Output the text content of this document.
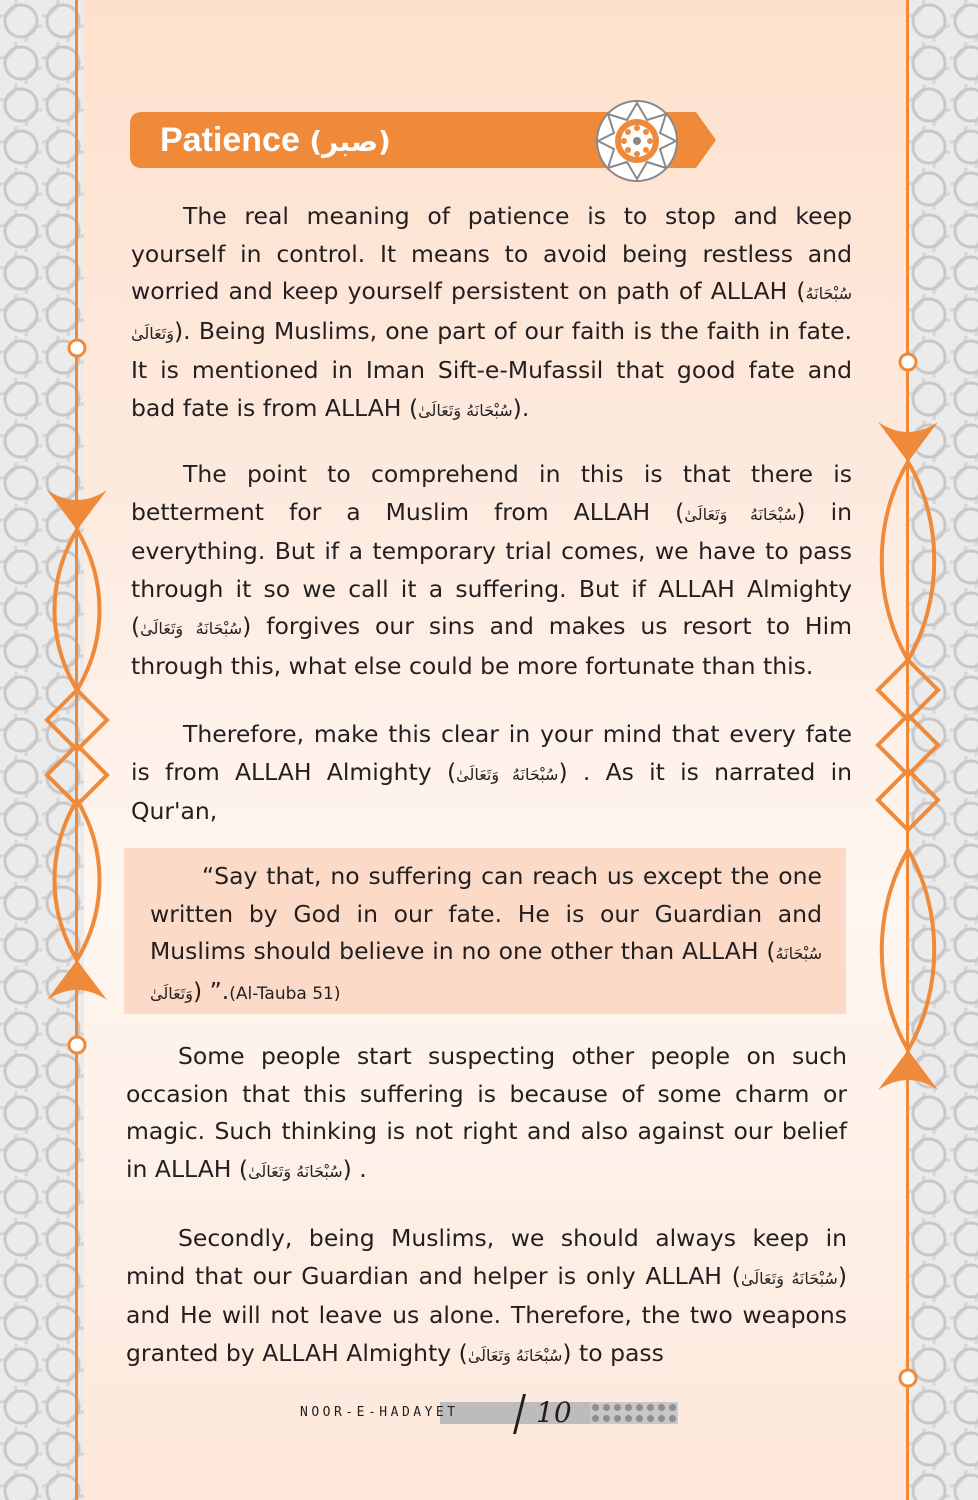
Patience (صبر)

The real meaning of patience is to stop and keep yourself in control. It means to avoid being restless and worried and keep yourself persistent on path of ALLAH (سُبْحَانَهُ وَتَعَالَىٰ). Being Muslims, one part of our faith is the faith in fate. It is mentioned in Iman Sift-e-Mufassil that good fate and bad fate is from ALLAH (سُبْحَانَهُ وَتَعَالَىٰ).

The point to comprehend in this is that there is betterment for a Muslim from ALLAH (سُبْحَانَهُ وَتَعَالَىٰ) in everything. But if a temporary trial comes, we have to pass through it so we call it a suffering. But if ALLAH Almighty (سُبْحَانَهُ وَتَعَالَىٰ) forgives our sins and makes us resort to Him through this, what else could be more fortunate than this.

Therefore, make this clear in your mind that every fate is from ALLAH Almighty (سُبْحَانَهُ وَتَعَالَىٰ) . As it is narrated in Qur'an,

“Say that, no suffering can reach us except the one written by God in our fate. He is our Guardian and Muslims should believe in no one other than ALLAH (سُبْحَانَهُ وَتَعَالَىٰ) ”.(Al-Tauba 51)

Some people start suspecting other people on such occasion that this suffering is because of some charm or magic. Such thinking is not right and also against our belief in ALLAH (سُبْحَانَهُ وَتَعَالَىٰ) .

Secondly, being Muslims, we should always keep in mind that our Guardian and helper is only ALLAH (سُبْحَانَهُ وَتَعَالَىٰ) and He will not leave us alone. Therefore, the two weapons granted by ALLAH Almighty (سُبْحَانَهُ وَتَعَالَىٰ) to pass

NOOR-E-HADAYET	10
